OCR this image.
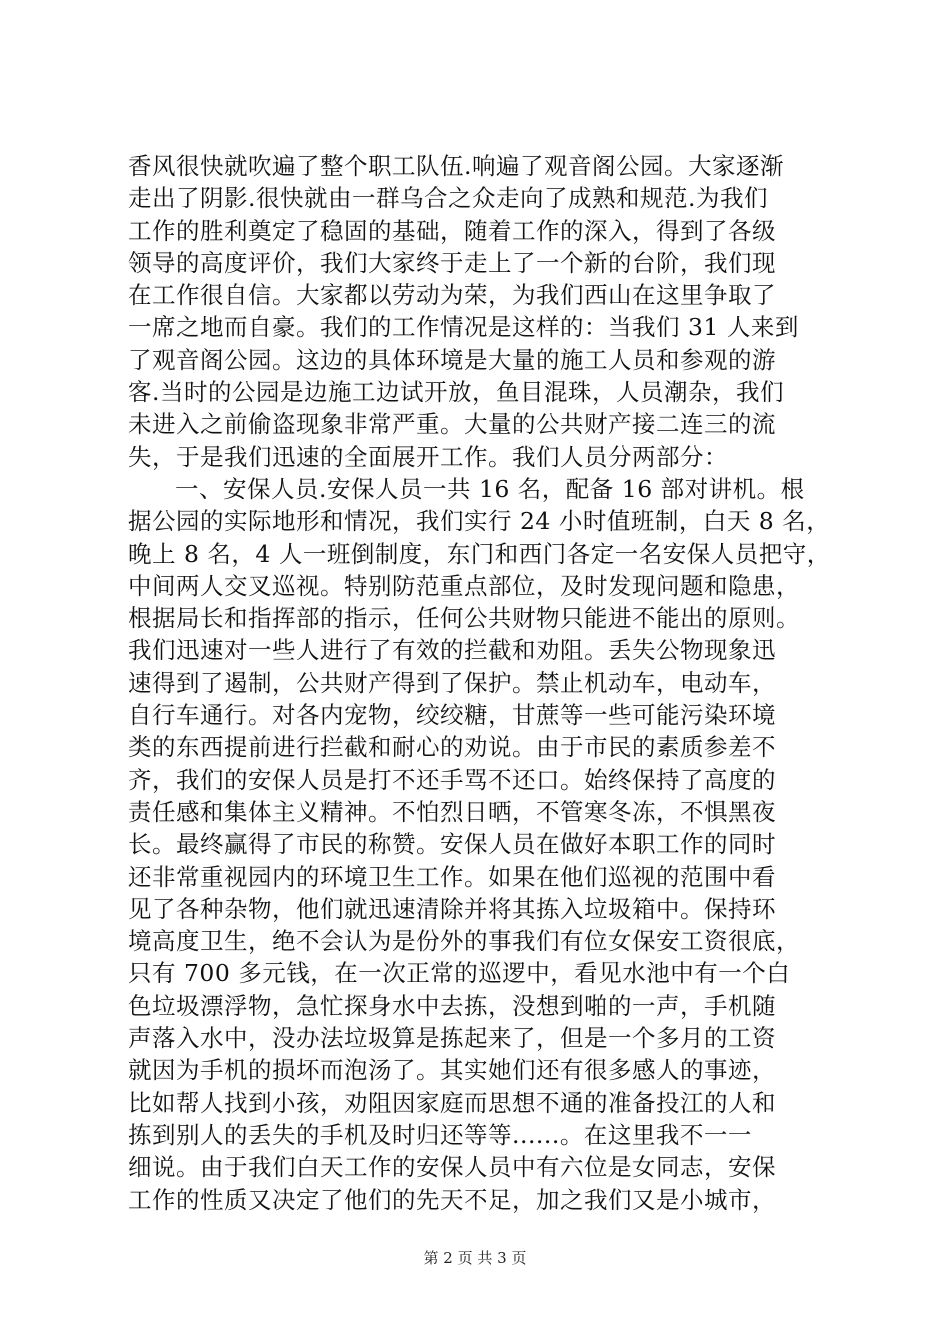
香风很快就吹遍了整个职工队伍.响遍了观音阁公园。大家逐渐
走出了阴影.很快就由一群乌合之众走向了成熟和规范.为我们
工作的胜利奠定了稳固的基础，随着工作的深入，得到了各级
领导的高度评价，我们大家终于走上了一个新的台阶，我们现
在工作很自信。大家都以劳动为荣，为我们西山在这里争取了
一席之地而自豪。我们的工作情况是这样的：当我们 31 人来到
了观音阁公园。这边的具体环境是大量的施工人员和参观的游
客.当时的公园是边施工边试开放，鱼目混珠，人员潮杂，我们
未进入之前偷盗现象非常严重。大量的公共财产接二连三的流
失，于是我们迅速的全面展开工作。我们人员分两部分：
一、安保人员.安保人员一共 16 名，配备 16 部对讲机。根
据公园的实际地形和情况，我们实行 24 小时值班制，白天 8 名，
晚上 8 名，4 人一班倒制度，东门和西门各定一名安保人员把守，
中间两人交叉巡视。特别防范重点部位，及时发现问题和隐患，
根据局长和指挥部的指示，任何公共财物只能进不能出的原则。
我们迅速对一些人进行了有效的拦截和劝阻。丢失公物现象迅
速得到了遏制，公共财产得到了保护。禁止机动车，电动车，
自行车通行。对各内宠物，绞绞糖，甘蔗等一些可能污染环境
类的东西提前进行拦截和耐心的劝说。由于市民的素质参差不
齐，我们的安保人员是打不还手骂不还口。始终保持了高度的
责任感和集体主义精神。不怕烈日晒，不管寒冬冻，不惧黑夜
长。最终赢得了市民的称赞。安保人员在做好本职工作的同时
还非常重视园内的环境卫生工作。如果在他们巡视的范围中看
见了各种杂物，他们就迅速清除并将其拣入垃圾箱中。保持环
境高度卫生，绝不会认为是份外的事我们有位女保安工资很底，
只有 700 多元钱，在一次正常的巡逻中，看见水池中有一个白
色垃圾漂浮物，急忙探身水中去拣，没想到啪的一声，手机随
声落入水中，没办法垃圾算是拣起来了，但是一个多月的工资
就因为手机的损坏而泡汤了。其实她们还有很多感人的事迹，
比如帮人找到小孩，劝阻因家庭而思想不通的准备投江的人和
拣到别人的丢失的手机及时归还等等......。在这里我不一一
细说。由于我们白天工作的安保人员中有六位是女同志，安保
工作的性质又决定了他们的先天不足，加之我们又是小城市，
第 2 页 共 3 页
